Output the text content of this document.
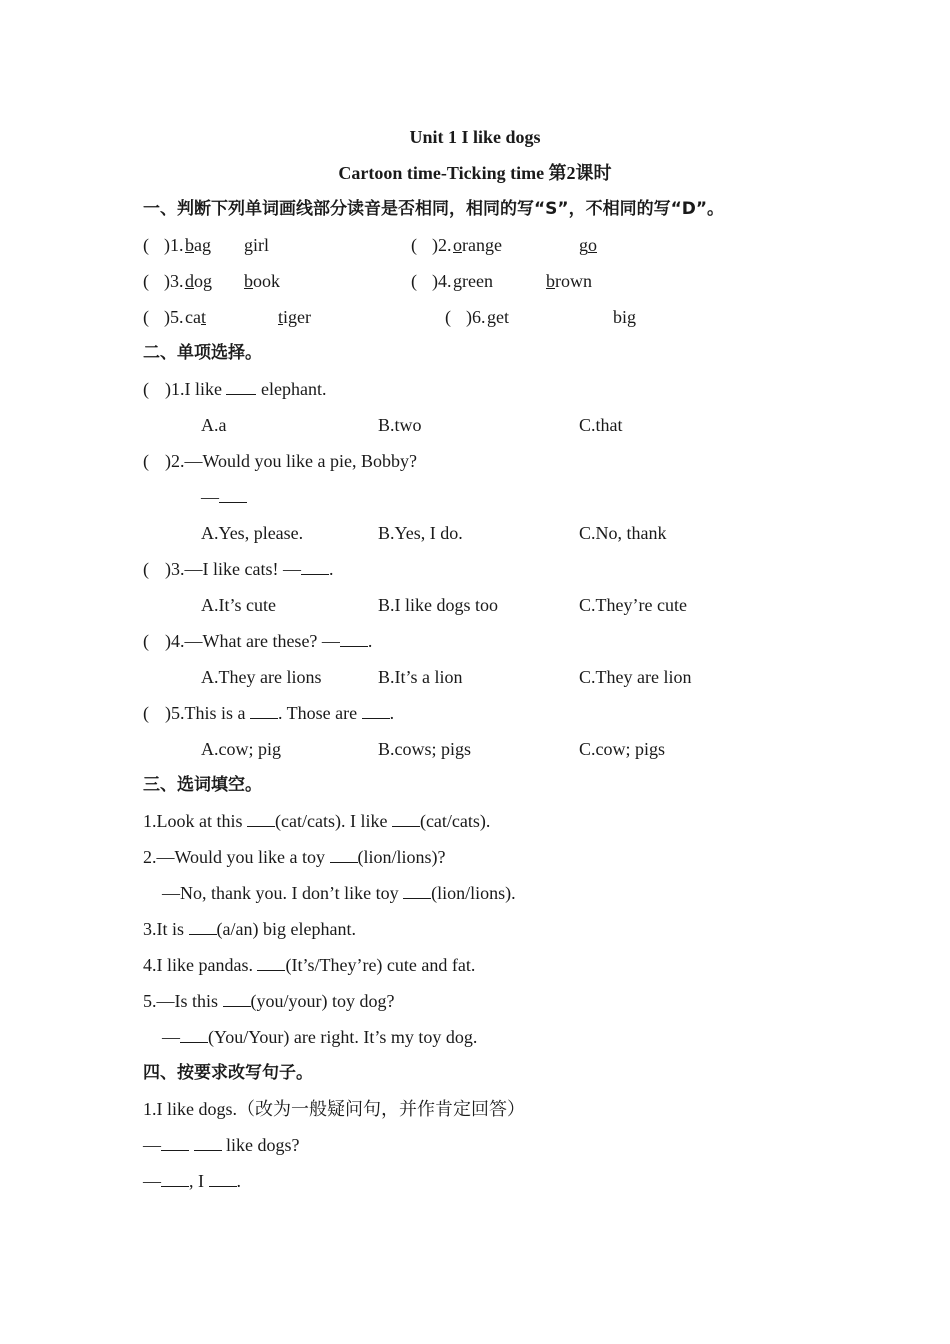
Unit 1 I like dogs
Cartoon time-Ticking time 第2课时
一、判断下列单词画线部分读音是否相同，相同的写“S”，不相同的写“D”。
( )1. bag girl	( )2. orange	go
( )3. dog book	( )4. green	brown
( )5. cat	tiger	( )6. get	big
二、单项选择。
( )1.I like elephant.
A.a	B.two	C.that
( )2.—Would you like a pie, Bobby?
—
A.Yes, please.	B.Yes, I do.	C.No, thank
( )3.—I like cats! — .
A.It’s cute	B.I like dogs too	C.They’re cute
( )4.—What are these? — .
A.They are lions	B.It’s a lion	C.They are lion
( )5.This is a . Those are .
A.cow; pig	B.cows; pigs	C.cow; pigs
三、选词填空。
1.Look at this (cat/cats). I like (cat/cats).
2.—Would you like a toy (lion/lions)?
—No, thank you. I don’t like toy (lion/lions).
3.It is (a/an) big elephant.
4.I like pandas. (It’s/They’re) cute and fat.
5.—Is this (you/your) toy dog?
— (You/Your) are right. It’s my toy dog.
四、按要求改写句子。
1.I like dogs.（改为一般疑问句，并作肯定回答）
—	like dogs?
— , I .
